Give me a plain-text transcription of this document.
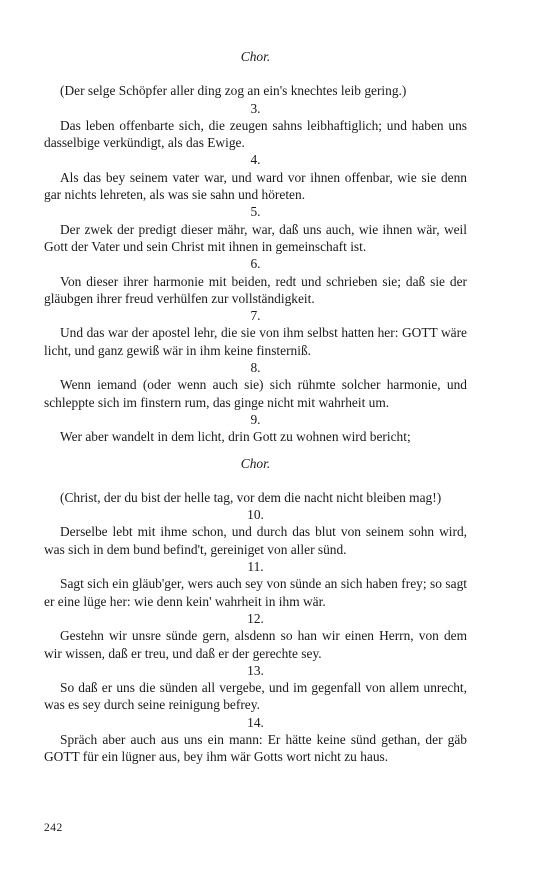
Chor.

(Der selge Schöpfer aller ding zog an ein's knechtes leib gering.)

3.

Das leben offenbarte sich, die zeugen sahns leibhaftiglich; und haben uns dasselbige verkündigt, als das Ewige.

4.

Als das bey seinem vater war, und ward vor ihnen offenbar, wie sie denn gar nichts lehreten, als was sie sahn und höreten.

5.

Der zwek der predigt dieser mähr, war, daß uns auch, wie ihnen wär, weil Gott der Vater und sein Christ mit ihnen in gemeinschaft ist.

6.

Von dieser ihrer harmonie mit beiden, redt und schrieben sie; daß sie der gläubgen ihrer freud verhülfen zur vollständigkeit.

7.

Und das war der apostel lehr, die sie von ihm selbst hatten her: GOTT wäre licht, und ganz gewiß wär in ihm keine finsterniß.

8.

Wenn iemand (oder wenn auch sie) sich rühmte solcher harmonie, und schleppte sich im finstern rum, das ginge nicht mit wahrheit um.

9.

Wer aber wandelt in dem licht, drin Gott zu wohnen wird bericht;

Chor.

(Christ, der du bist der helle tag, vor dem die nacht nicht bleiben mag!)

10.

Derselbe lebt mit ihme schon, und durch das blut von seinem sohn wird, was sich in dem bund befind't, gereiniget von aller sünd.

11.

Sagt sich ein gläub'ger, wers auch sey von sünde an sich haben frey; so sagt er eine lüge her: wie denn kein' wahrheit in ihm wär.

12.

Gestehn wir unsre sünde gern, alsdenn so han wir einen Herrn, von dem wir wissen, daß er treu, und daß er der gerechte sey.

13.

So daß er uns die sünden all vergebe, und im gegenfall von allem unrecht, was es sey durch seine reinigung befrey.

14.

Spräch aber auch aus uns ein mann: Er hätte keine sünd gethan, der gäb GOTT für ein lügner aus, bey ihm wär Gotts wort nicht zu haus.

242
